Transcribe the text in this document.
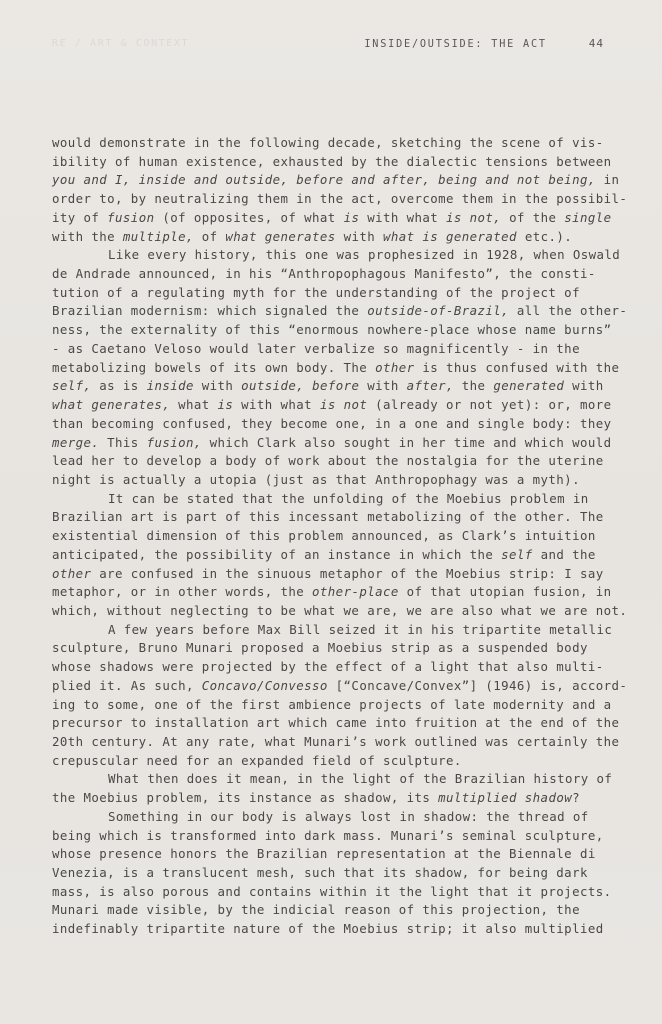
RE / ART & CONTEXT	INSIDE/OUTSIDE: THE ACT	44
would demonstrate in the following decade, sketching the scene of vis-
ibility of human existence, exhausted by the dialectic tensions between
you and I, inside and outside, before and after, being and not being, in
order to, by neutralizing them in the act, overcome them in the possibil-
ity of fusion (of opposites, of what is with what is not, of the single
with the multiple, of what generates with what is generated etc.).
Like every history, this one was prophesized in 1928, when Oswald
de Andrade announced, in his “Anthropophagous Manifesto”, the consti-
tution of a regulating myth for the understanding of the project of
Brazilian modernism: which signaled the outside-of-Brazil, all the other-
ness, the externality of this “enormous nowhere-place whose name burns”
- as Caetano Veloso would later verbalize so magnificently - in the
metabolizing bowels of its own body. The other is thus confused with the
self, as is inside with outside, before with after, the generated with
what generates, what is with what is not (already or not yet): or, more
than becoming confused, they become one, in a one and single body: they
merge. This fusion, which Clark also sought in her time and which would
lead her to develop a body of work about the nostalgia for the uterine
night is actually a utopia (just as that Anthropophagy was a myth).
It can be stated that the unfolding of the Moebius problem in
Brazilian art is part of this incessant metabolizing of the other. The
existential dimension of this problem announced, as Clark’s intuition
anticipated, the possibility of an instance in which the self and the
other are confused in the sinuous metaphor of the Moebius strip: I say
metaphor, or in other words, the other-place of that utopian fusion, in
which, without neglecting to be what we are, we are also what we are not.
A few years before Max Bill seized it in his tripartite metallic
sculpture, Bruno Munari proposed a Moebius strip as a suspended body
whose shadows were projected by the effect of a light that also multi-
plied it. As such, Concavo/Convesso [“Concave/Convex”] (1946) is, accord-
ing to some, one of the first ambience projects of late modernity and a
precursor to installation art which came into fruition at the end of the
20th century. At any rate, what Munari’s work outlined was certainly the
crepuscular need for an expanded field of sculpture.
What then does it mean, in the light of the Brazilian history of
the Moebius problem, its instance as shadow, its multiplied shadow?
Something in our body is always lost in shadow: the thread of
being which is transformed into dark mass. Munari’s seminal sculpture,
whose presence honors the Brazilian representation at the Biennale di
Venezia, is a translucent mesh, such that its shadow, for being dark
mass, is also porous and contains within it the light that it projects.
Munari made visible, by the indicial reason of this projection, the
indefinably tripartite nature of the Moebius strip; it also multiplied
